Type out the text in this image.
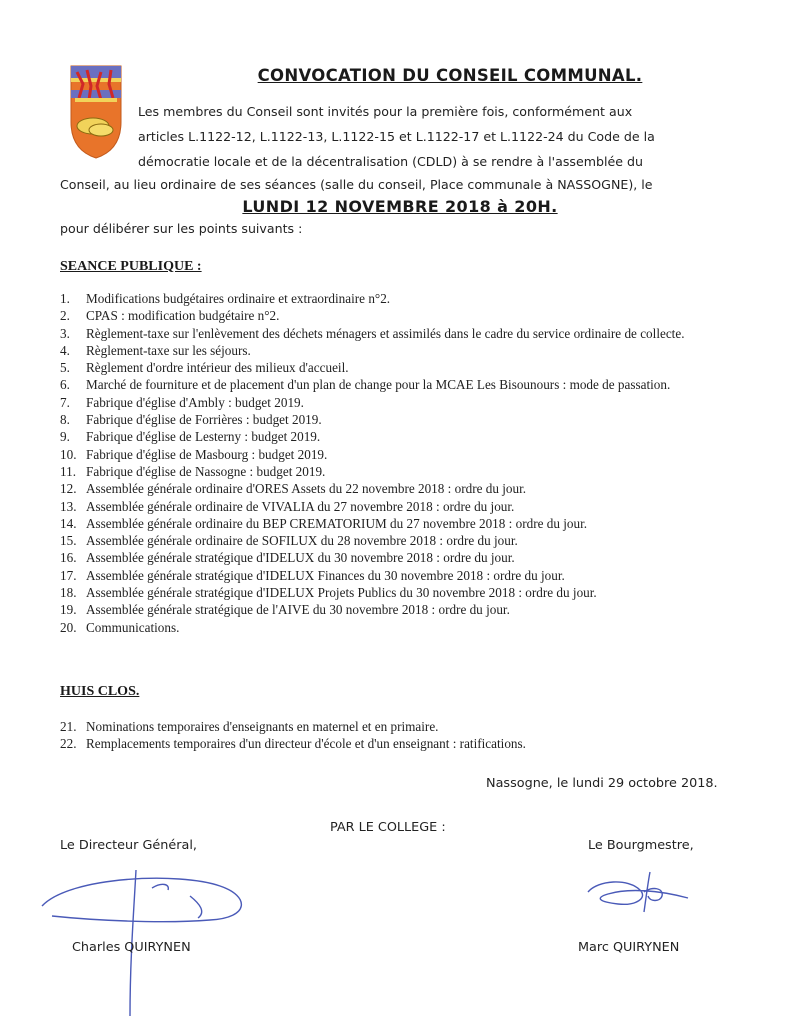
CONVOCATION DU CONSEIL COMMUNAL.
Les membres du Conseil sont invités pour la première fois, conformément aux
articles L.1122-12, L.1122-13, L.1122-15 et L.1122-17 et L.1122-24 du Code de la
démocratie locale et de la décentralisation (CDLD) à se rendre à l'assemblée du
Conseil, au lieu ordinaire de ses séances (salle du conseil, Place communale à NASSOGNE), le
LUNDI 12 NOVEMBRE 2018 à 20H.
pour délibérer sur les points suivants :
SEANCE PUBLIQUE :
1. Modifications budgétaires ordinaire et extraordinaire n°2.
2. CPAS : modification budgétaire n°2.
3. Règlement-taxe sur l'enlèvement des déchets ménagers et assimilés dans le cadre du service ordinaire de collecte.
4. Règlement-taxe sur les séjours.
5. Règlement d'ordre intérieur des milieux d'accueil.
6. Marché de fourniture et de placement d'un plan de change pour la MCAE Les Bisounours : mode de passation.
7. Fabrique d'église d'Ambly : budget 2019.
8. Fabrique d'église de Forrières : budget 2019.
9. Fabrique d'église de Lesterny : budget 2019.
10. Fabrique d'église de Masbourg : budget 2019.
11. Fabrique d'église de Nassogne : budget 2019.
12. Assemblée générale ordinaire d'ORES Assets du 22 novembre 2018 : ordre du jour.
13. Assemblée générale ordinaire de VIVALIA du 27 novembre 2018 : ordre du jour.
14. Assemblée générale ordinaire du BEP CREMATORIUM du 27 novembre 2018 : ordre du jour.
15. Assemblée générale ordinaire de SOFILUX du 28 novembre 2018 : ordre du jour.
16. Assemblée générale stratégique d'IDELUX du 30 novembre 2018 : ordre du jour.
17. Assemblée générale stratégique d'IDELUX Finances du 30 novembre 2018 : ordre du jour.
18. Assemblée générale stratégique d'IDELUX Projets Publics du 30 novembre 2018 : ordre du jour.
19. Assemblée générale stratégique de l'AIVE du 30 novembre 2018 : ordre du jour.
20. Communications.
HUIS CLOS.
21. Nominations temporaires d'enseignants en maternel et en primaire.
22. Remplacements temporaires d'un directeur d'école et d'un enseignant : ratifications.
Nassogne, le lundi 29 octobre 2018.
PAR LE COLLEGE :
Le Directeur Général,	Le Bourgmestre,
Charles QUIRYNEN	Marc QUIRYNEN
